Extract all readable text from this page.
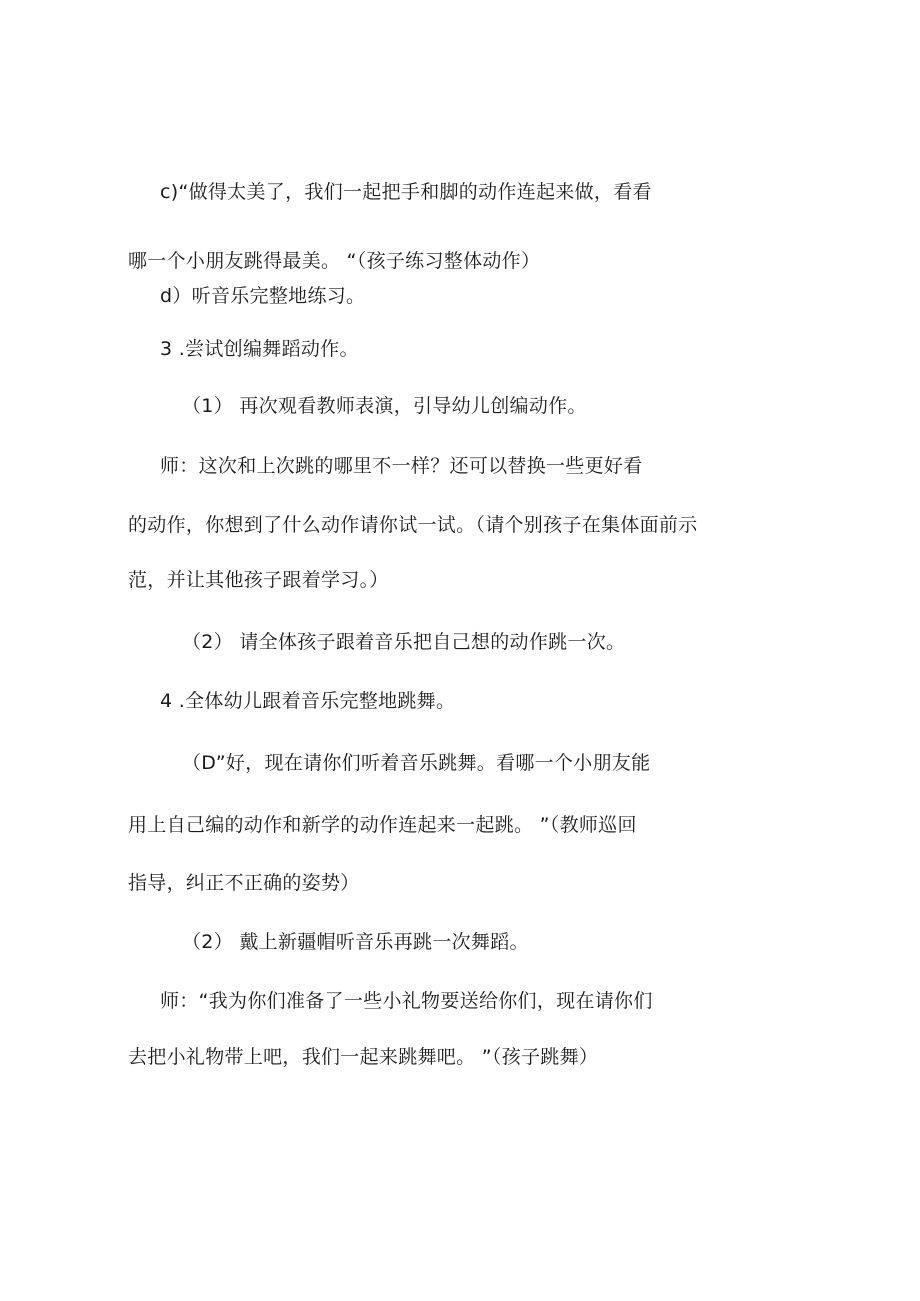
c)“做得太美了，我们一起把手和脚的动作连起来做，看看
哪一个小朋友跳得最美。 “（孩子练习整体动作）
d）听音乐完整地练习。
3 .尝试创编舞蹈动作。
（1） 再次观看教师表演，引导幼儿创编动作。
师：这次和上次跳的哪里不一样？还可以替换一些更好看
的动作，你想到了什么动作请你试一试。（请个别孩子在集体面前示
范，并让其他孩子跟着学习。）
（2） 请全体孩子跟着音乐把自己想的动作跳一次。
4 .全体幼儿跟着音乐完整地跳舞。
（D”好，现在请你们听着音乐跳舞。看哪一个小朋友能
用上自己编的动作和新学的动作连起来一起跳。 ”（教师巡回
指导，纠正不正确的姿势）
（2） 戴上新疆帽听音乐再跳一次舞蹈。
师：“我为你们准备了一些小礼物要送给你们，现在请你们
去把小礼物带上吧，我们一起来跳舞吧。 ”（孩子跳舞）
